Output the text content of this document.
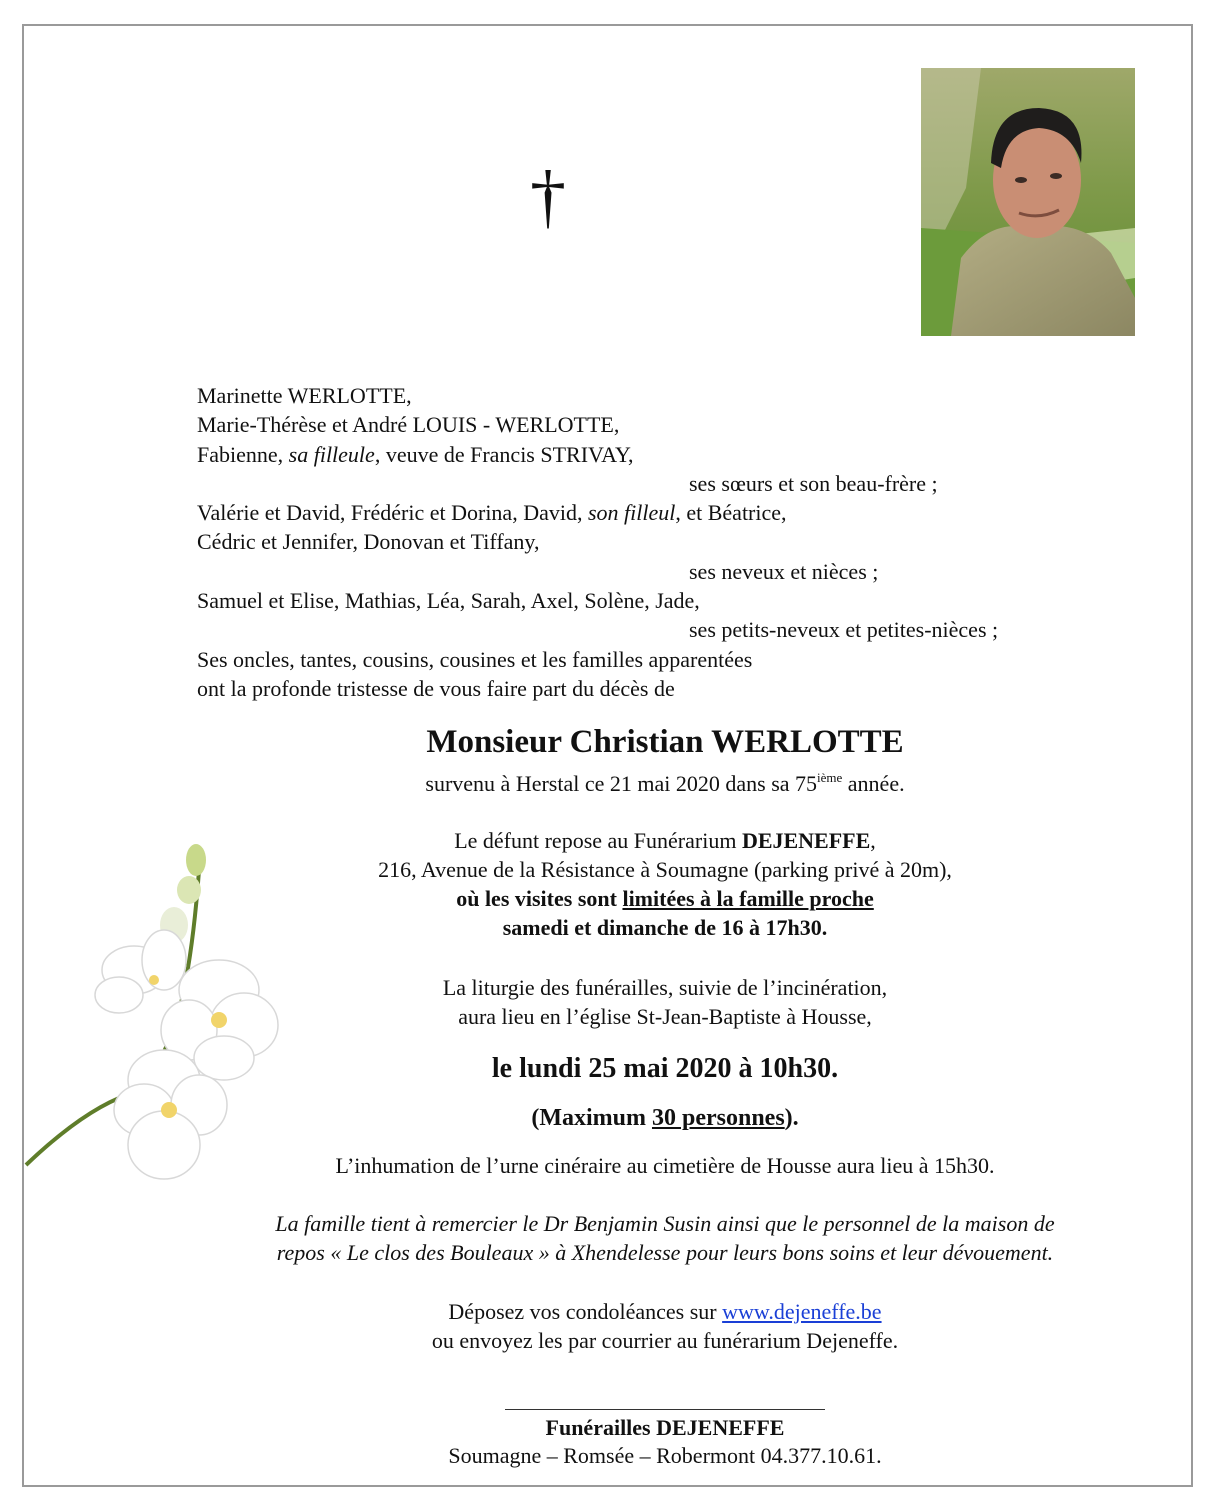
†
Marinette WERLOTTE,
Marie-Thérèse et André LOUIS - WERLOTTE,
Fabienne, sa filleule, veuve de Francis STRIVAY,
ses sœurs et son beau-frère ;
Valérie et David, Frédéric et Dorina, David, son filleul, et Béatrice,
Cédric et Jennifer, Donovan et Tiffany,
ses neveux et nièces ;
Samuel et Elise, Mathias, Léa, Sarah, Axel, Solène, Jade,
ses petits-neveux et petites-nièces ;
Ses oncles, tantes, cousins, cousines et les familles apparentées
ont la profonde tristesse de vous faire part du décès de
Monsieur Christian WERLOTTE
survenu à Herstal ce 21 mai 2020 dans sa 75ième année.
Le défunt repose au Funérarium DEJENEFFE,
216, Avenue de la Résistance à Soumagne (parking privé à 20m),
où les visites sont limitées à la famille proche
samedi et dimanche de 16 à 17h30.
La liturgie des funérailles, suivie de l’incinération,
aura lieu en l’église St-Jean-Baptiste à Housse,
le lundi 25 mai 2020 à 10h30.
(Maximum 30 personnes).
L’inhumation de l’urne cinéraire au cimetière de Housse aura lieu à 15h30.
La famille tient à remercier le Dr Benjamin Susin ainsi que le personnel de la maison de
repos « Le clos des Bouleaux » à Xhendelesse pour leurs bons soins et leur dévouement.
Déposez vos condoléances sur www.dejeneffe.be
ou envoyez les par courrier au funérarium Dejeneffe.
Funérailles DEJENEFFE
Soumagne – Romsée – Robermont 04.377.10.61.
